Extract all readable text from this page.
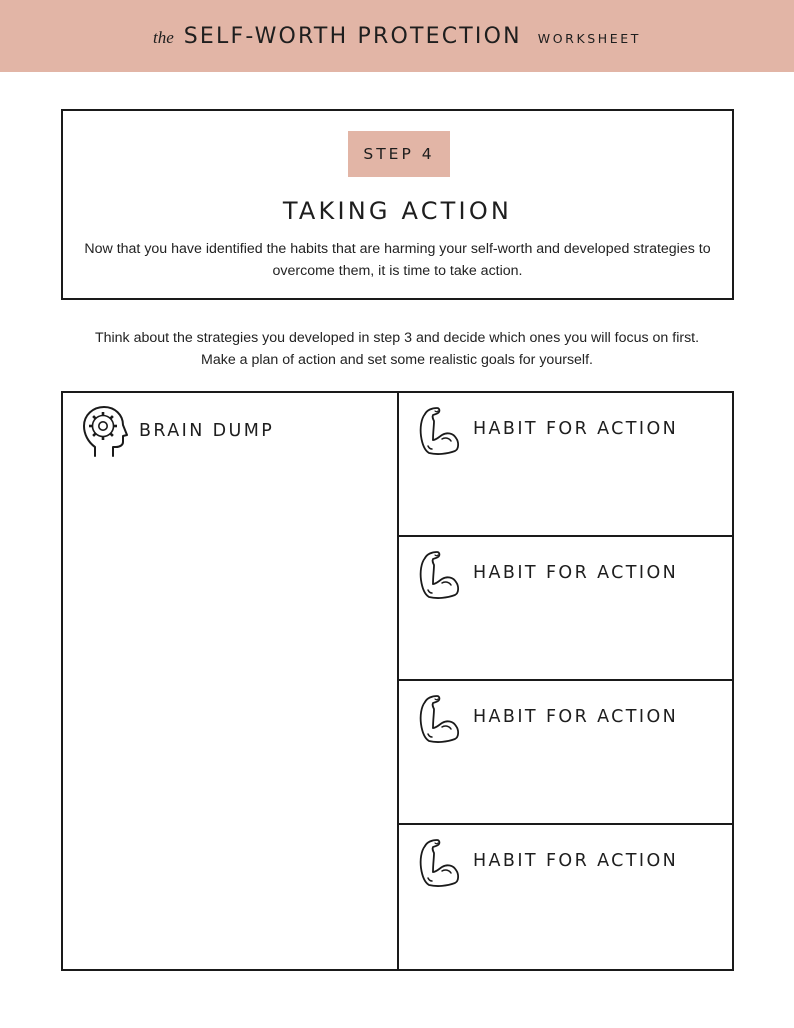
the SELF-WORTH PROTECTION WORKSHEET
STEP 4
TAKING ACTION

Now that you have identified the habits that are harming your self-worth and developed strategies to overcome them, it is time to take action.

Think about the strategies you developed in step 3 and decide which ones you will focus on first. Make a plan of action and set some realistic goals for yourself.

BRAIN DUMP	HABIT FOR ACTION
HABIT FOR ACTION
HABIT FOR ACTION
HABIT FOR ACTION
